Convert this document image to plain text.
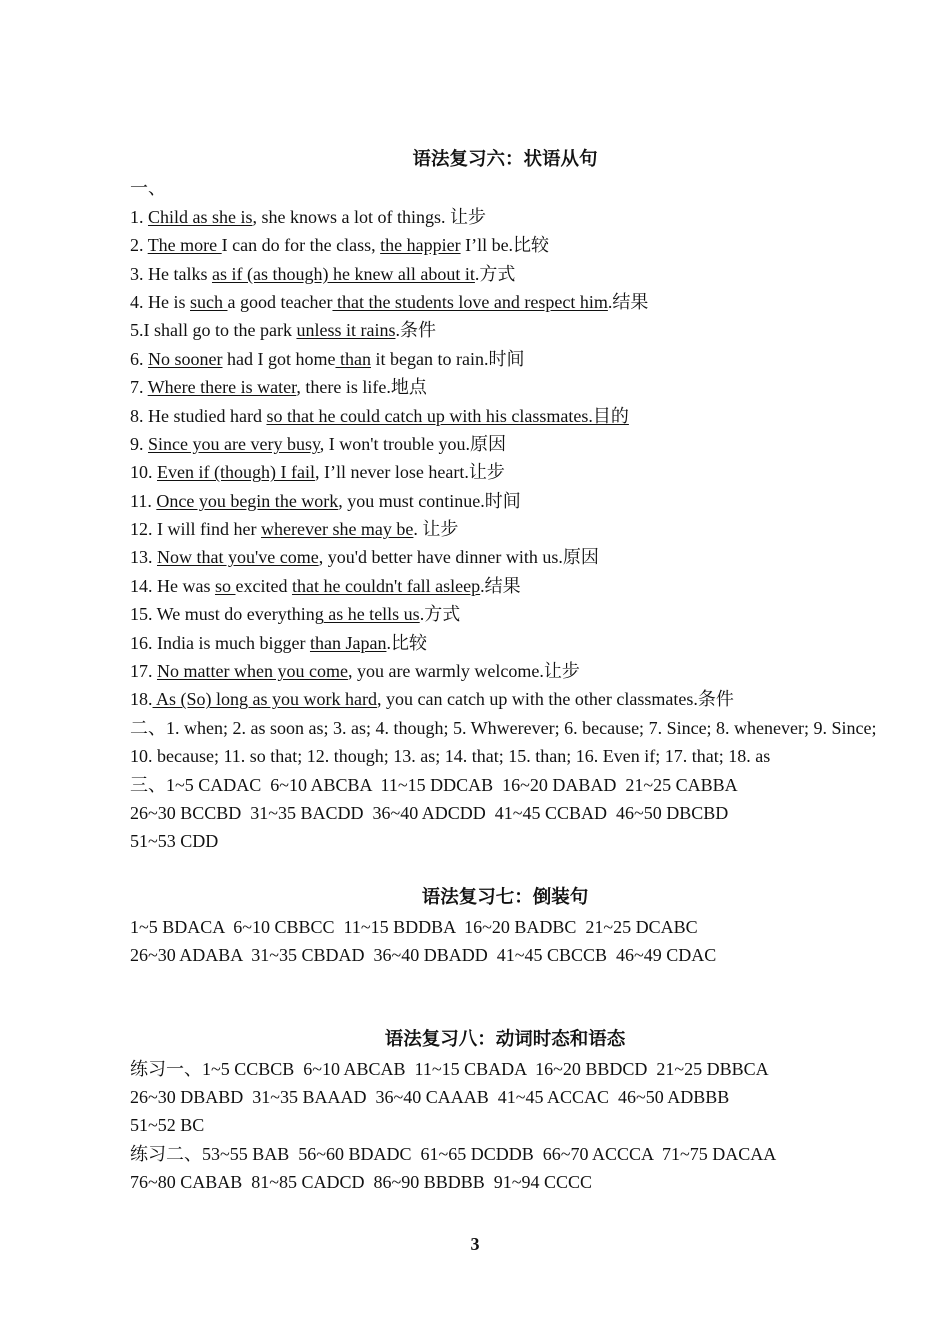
语法复习六：状语从句
一、
1. Child as she is, she knows a lot of things. 让步
2. The more I can do for the class, the happier I’ll be.比较
3. He talks as if (as though) he knew all about it.方式
4. He is such a good teacher that the students love and respect him.结果
5.I shall go to the park unless it rains.条件
6. No sooner had I got home than it began to rain.时间
7. Where there is water, there is life.地点
8. He studied hard so that he could catch up with his classmates.目的
9. Since you are very busy, I won't trouble you.原因
10. Even if (though) I fail, I’ll never lose heart.让步
11. Once you begin the work, you must continue.时间
12. I will find her wherever she may be. 让步
13. Now that you've come, you'd better have dinner with us.原因
14. He was so excited that he couldn't fall asleep.结果
15. We must do everything as he tells us.方式
16. India is much bigger than Japan.比较
17. No matter when you come, you are warmly welcome.让步
18. As (So) long as you work hard, you can catch up with the other classmates.条件
二、1. when; 2. as soon as; 3. as; 4. though; 5. Whwerever; 6. because; 7. Since; 8. whenever; 9. Since; 10. because; 11. so that; 12. though; 13. as; 14. that; 15. than; 16. Even if; 17. that; 18. as
三、1~5 CADAC  6~10 ABCBA  11~15 DDCAB  16~20 DABAD  21~25 CABBA
26~30 BCCBD  31~35 BACDD  36~40 ADCDD  41~45 CCBAD  46~50 DBCBD
51~53 CDD
语法复习七：倒装句
1~5 BDACA  6~10 CBBCC  11~15 BDDBA  16~20 BADBC  21~25 DCABC
26~30 ADABA  31~35 CBDAD  36~40 DBADD  41~45 CBCCB  46~49 CDAC
语法复习八：动词时态和语态
练习一、1~5 CCBCB  6~10 ABCAB  11~15 CBADA  16~20 BBDCD  21~25 DBBCA
26~30 DBABD  31~35 BAAAD  36~40 CAAAB  41~45 ACCAC  46~50 ADBBB
51~52 BC
练习二、53~55 BAB  56~60 BDADC  61~65 DCDDB  66~70 ACCCA  71~75 DACAA
76~80 CABAB  81~85 CADCD  86~90 BBDBB  91~94 CCCC
3
